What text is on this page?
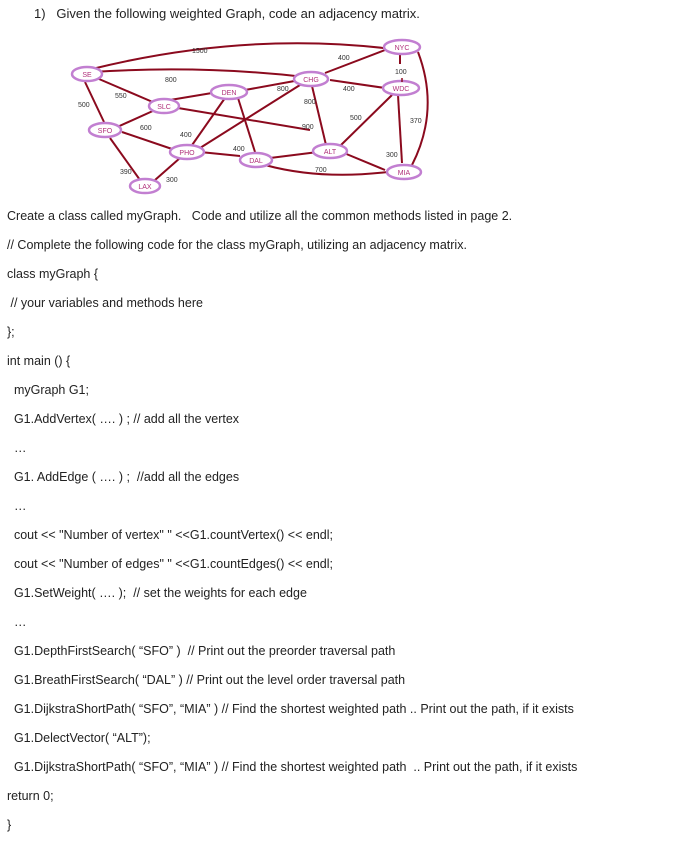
1)   Given the following weighted Graph, code an adjacency matrix.
NYC
SE
CHG
DEN
WDC
SLC
SFO
PHO	ALT
DAL
MIA
LAX
1500
400
100
800
800	400
550
800
500
600
500
400
370
900
400
300
390	700
300
Create a class called myGraph.   Code and utilize all the common methods listed in page 2.
// Complete the following code for the class myGraph, utilizing an adjacency matrix.
class myGraph {
// your variables and methods here
};
int main () {
myGraph G1;
G1.AddVertex( …. ) ; // add all the vertex
…
G1. AddEdge ( …. ) ;  //add all the edges
…
cout << "Number of vertex" " <<G1.countVertex() << endl;
cout << "Number of edges" " <<G1.countEdges() << endl;
G1.SetWeight( …. );  // set the weights for each edge
…
G1.DepthFirstSearch( “SFO” )  // Print out the preorder traversal path
G1.BreathFirstSearch( “DAL” ) // Print out the level order traversal path
G1.DijkstraShortPath( “SFO”, “MIA” ) // Find the shortest weighted path .. Print out the path, if it exists
G1.DelectVector( “ALT”);
G1.DijkstraShortPath( “SFO”, “MIA” ) // Find the shortest weighted path  .. Print out the path, if it exists
return 0;
}
